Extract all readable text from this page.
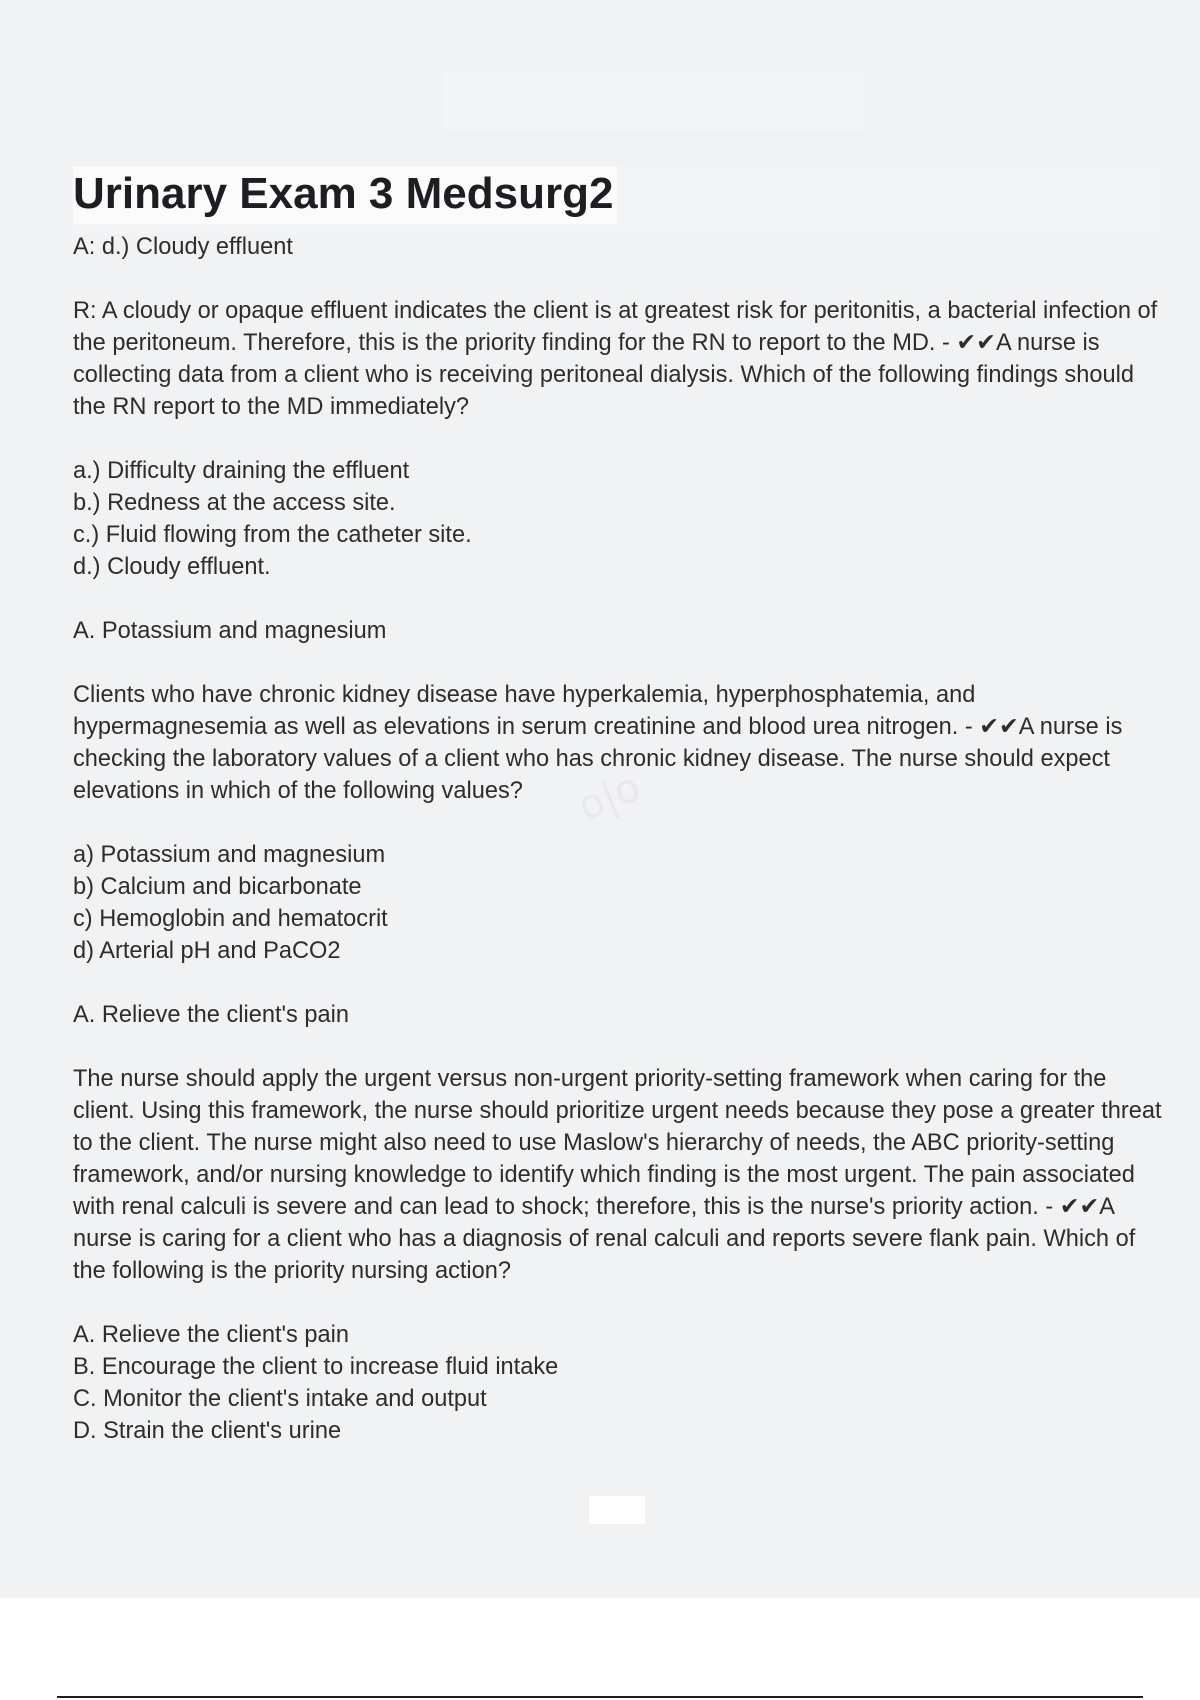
Urinary Exam 3 Medsurg2
o|o

A: d.) Cloudy effluent

R: A cloudy or opaque effluent indicates the client is at greatest risk for peritonitis, a bacterial infection of the peritoneum. Therefore, this is the priority finding for the RN to report to the MD. - ✔✔A nurse is collecting data from a client who is receiving peritoneal dialysis. Which of the following findings should the RN report to the MD immediately?

a.) Difficulty draining the effluent
b.) Redness at the access site.
c.) Fluid flowing from the catheter site.
d.) Cloudy effluent.

A. Potassium and magnesium

Clients who have chronic kidney disease have hyperkalemia, hyperphosphatemia, and hypermagnesemia as well as elevations in serum creatinine and blood urea nitrogen. - ✔✔A nurse is checking the laboratory values of a client who has chronic kidney disease. The nurse should expect elevations in which of the following values?

a) Potassium and magnesium
b) Calcium and bicarbonate
c) Hemoglobin and hematocrit
d) Arterial pH and PaCO2

A. Relieve the client's pain

The nurse should apply the urgent versus non-urgent priority-setting framework when caring for the client. Using this framework, the nurse should prioritize urgent needs because they pose a greater threat to the client. The nurse might also need to use Maslow's hierarchy of needs, the ABC priority-setting framework, and/or nursing knowledge to identify which finding is the most urgent. The pain associated with renal calculi is severe and can lead to shock; therefore, this is the nurse's priority action. - ✔✔A nurse is caring for a client who has a diagnosis of renal calculi and reports severe flank pain. Which of the following is the priority nursing action?

A. Relieve the client's pain
B. Encourage the client to increase fluid intake
C. Monitor the client's intake and output
D. Strain the client's urine
